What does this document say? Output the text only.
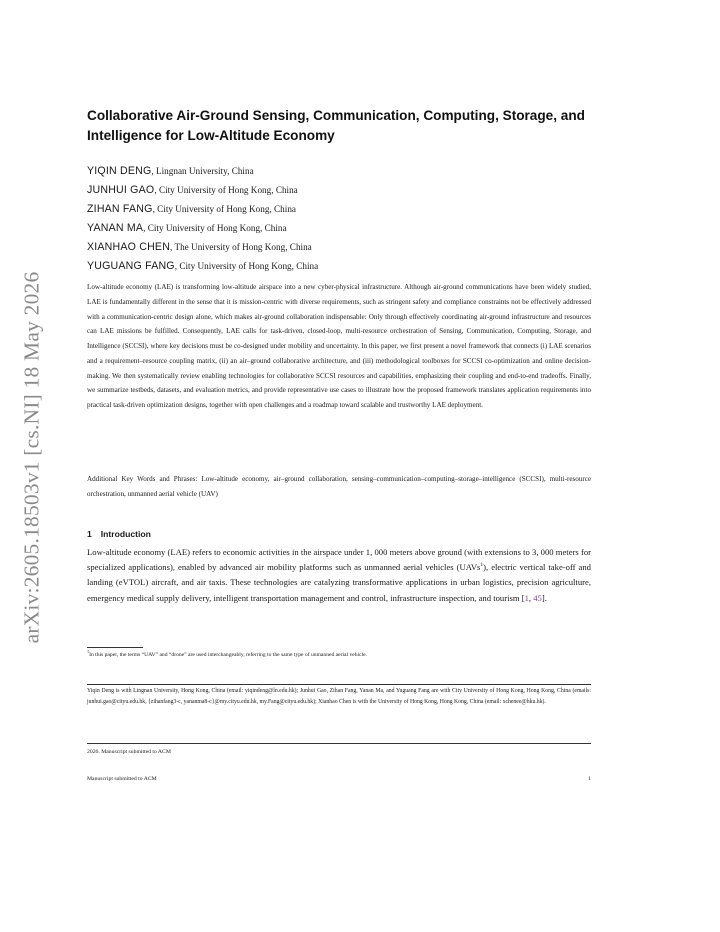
arXiv:2605.18503v1 [cs.NI] 18 May 2026
Collaborative Air-Ground Sensing, Communication, Computing, Storage, and Intelligence for Low-Altitude Economy
YIQIN DENG, Lingnan University, China
JUNHUI GAO, City University of Hong Kong, China
ZIHAN FANG, City University of Hong Kong, China
YANAN MA, City University of Hong Kong, China
XIANHAO CHEN, The University of Hong Kong, China
YUGUANG FANG, City University of Hong Kong, China

Low-altitude economy (LAE) is transforming low-altitude airspace into a new cyber-physical infrastructure. Although air-ground communications have been widely studied, LAE is fundamentally different in the sense that it is mission-centric with diverse requirements, such as stringent safety and compliance constraints not be effectively addressed with a communication-centric design alone, which makes air-ground collaboration indispensable: Only through effectively coordinating air-ground infrastructure and resources can LAE missions be fulfilled. Consequently, LAE calls for task-driven, closed-loop, multi-resource orchestration of Sensing, Communication, Computing, Storage, and Intelligence (SCCSI), where key decisions must be co-designed under mobility and uncertainty. In this paper, we first present a novel framework that connects (i) LAE scenarios and a requirement–resource coupling matrix, (ii) an air–ground collaborative architecture, and (iii) methodological toolboxes for SCCSI co-optimization and online decision-making. We then systematically review enabling technologies for collaborative SCCSI resources and capabilities, emphasizing their coupling and end-to-end tradeoffs. Finally, we summarize testbeds, datasets, and evaluation metrics, and provide representative use cases to illustrate how the proposed framework translates application requirements into practical task-driven optimization designs, together with open challenges and a roadmap toward scalable and trustworthy LAE deployment.

Additional Key Words and Phrases: Low-altitude economy, air–ground collaboration, sensing–communication–computing–storage–intelligence (SCCSI), multi-resource orchestration, unmanned aerial vehicle (UAV)

1 Introduction

Low-altitude economy (LAE) refers to economic activities in the airspace under 1, 000 meters above ground (with extensions to 3, 000 meters for specialized applications), enabled by advanced air mobility platforms such as unmanned aerial vehicles (UAVs$^1$), electric vertical take-off and landing (eVTOL) aircraft, and air taxis. These technologies are catalyzing transformative applications in urban logistics, precision agriculture, emergency medical supply delivery, intelligent transportation management and control, infrastructure inspection, and tourism [1, 45].

$^1$In this paper, the terms “UAV” and “drone” are used interchangeably, referring to the same type of unmanned aerial vehicle.

Yiqin Deng is with Lingnan University, Hong Kong, China (email: yiqindeng@ln.edu.hk); Junhui Gao, Zihan Fang, Yanan Ma, and Yuguang Fang are with City University of Hong Kong, Hong Kong, China (emails: junhui.gao@cityu.edu.hk, {zihanfang3-c, yananma8-c}@my.cityu.edu.hk, my.Fang@cityu.edu.hk); Xianhao Chen is with the University of Hong Kong, Hong Kong, China (email: xchenee@hku.hk).

2026. Manuscript submitted to ACM
Manuscript submitted to ACM	1
